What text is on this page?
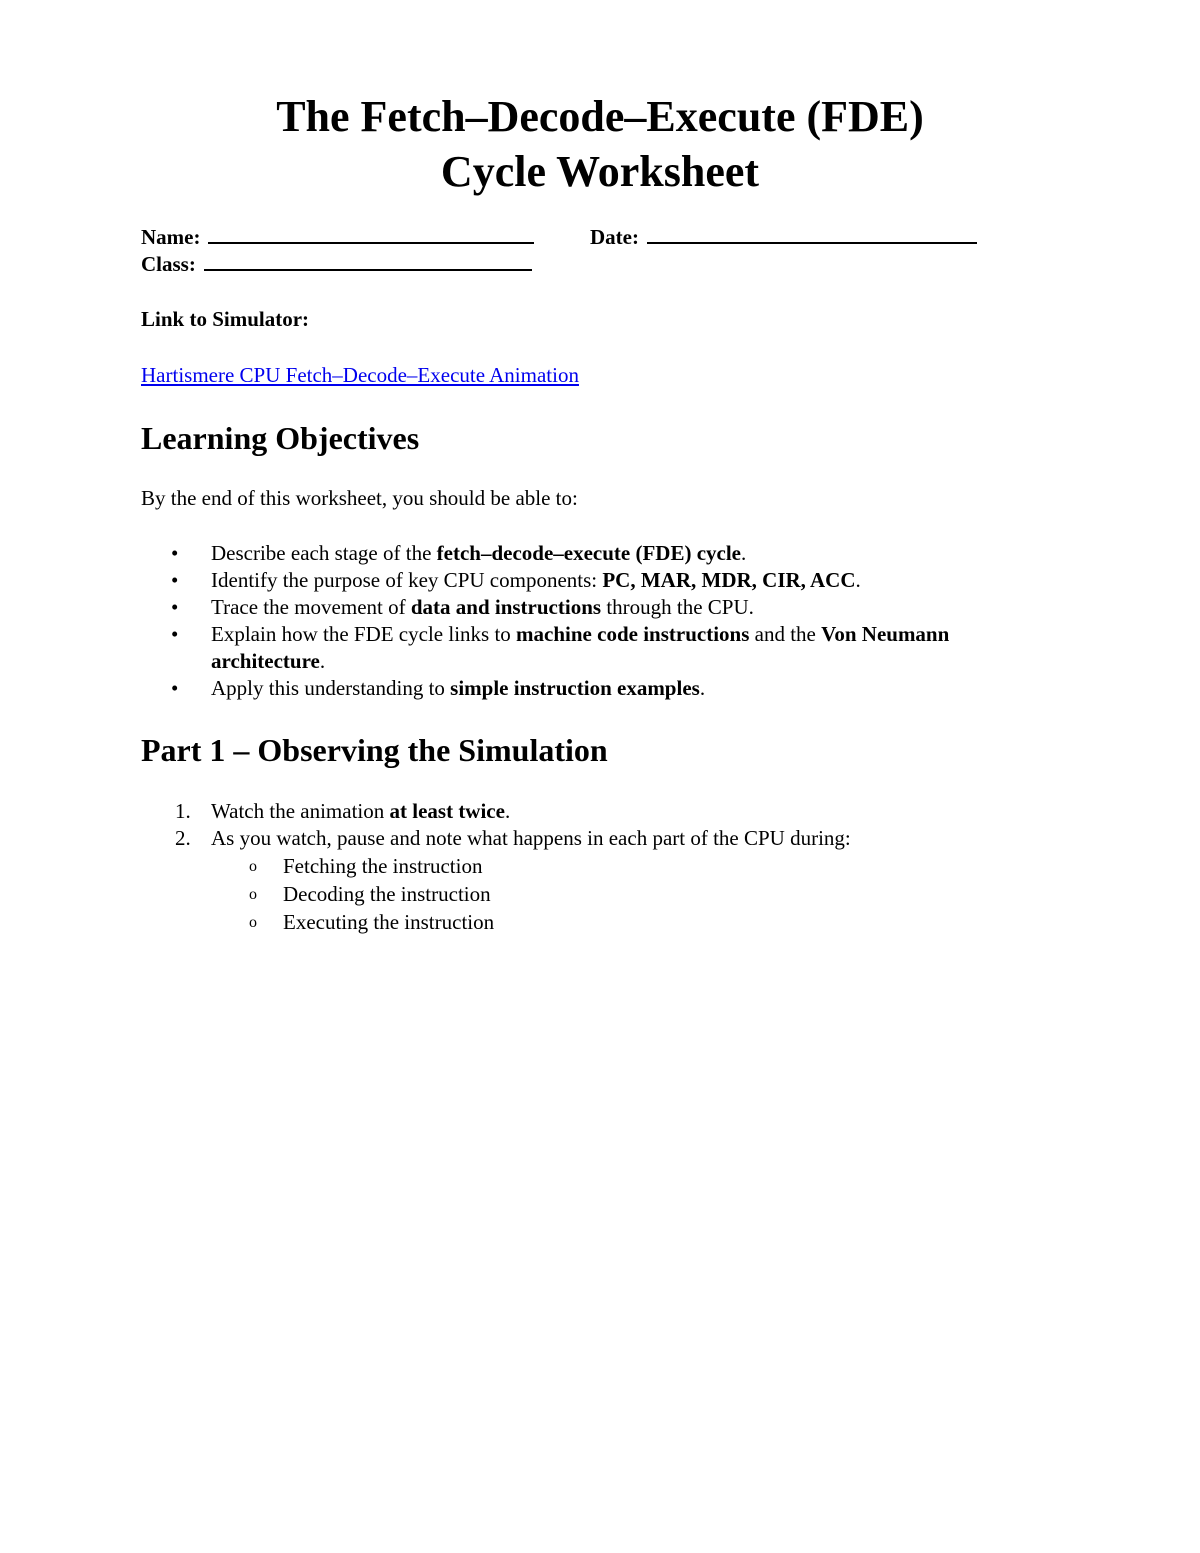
The Fetch–Decode–Execute (FDE)
Cycle Worksheet
Name:	Date:
Class:
Link to Simulator:
Hartismere CPU Fetch–Decode–Execute Animation
Learning Objectives
By the end of this worksheet, you should be able to:
• Describe each stage of the fetch–decode–execute (FDE) cycle.
• Identify the purpose of key CPU components: PC, MAR, MDR, CIR, ACC.
• Trace the movement of data and instructions through the CPU.
• Explain how the FDE cycle links to machine code instructions and the Von Neumann architecture.
• Apply this understanding to simple instruction examples.
Part 1 – Observing the Simulation
1. Watch the animation at least twice.
2. As you watch, pause and note what happens in each part of the CPU during:
o Fetching the instruction
o Decoding the instruction
o Executing the instruction
